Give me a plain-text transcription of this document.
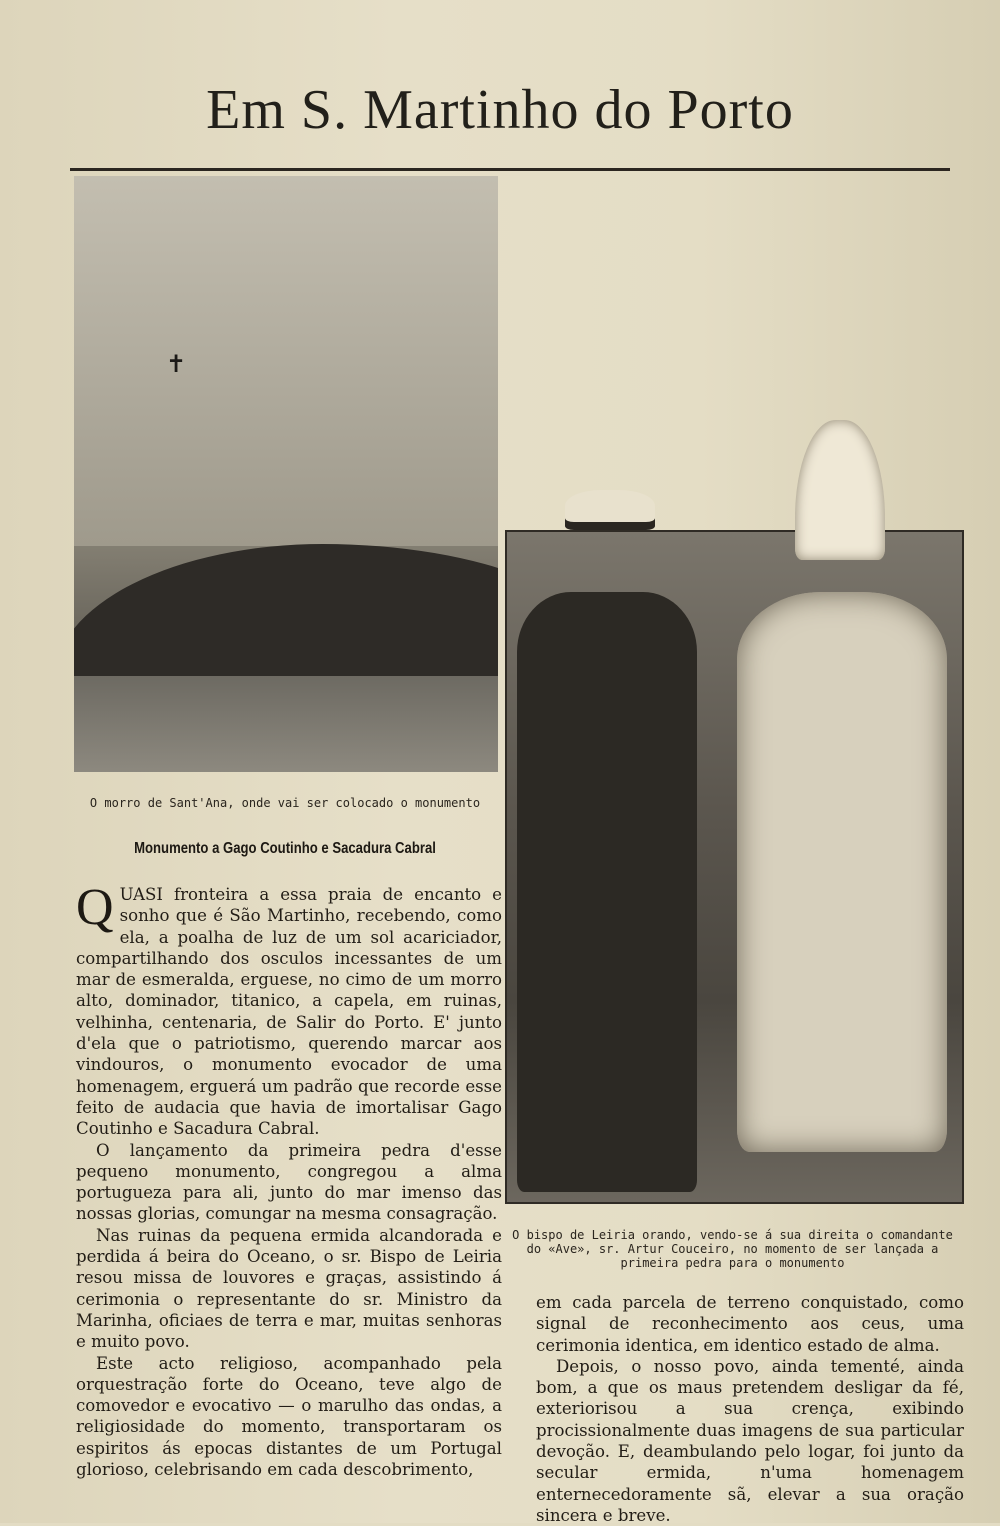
Em S. Martinho do Porto
✝
O morro de Sant'Ana, onde vai ser colocado o monumento
Monumento a Gago Coutinho e Sacadura Cabral

QUASI fronteira a essa praia de encanto e sonho que é São Martinho, recebendo, como ela, a poalha de luz de um sol acariciador, compartilhando dos osculos incessantes de um mar de esmeralda, erguese, no cimo de um morro alto, dominador, titanico, a capela, em ruinas, velhinha, centenaria, de Salir do Porto. E' junto d'ela que o patriotismo, querendo marcar aos vindouros, o monumento evocador de uma homenagem, erguerá um padrão que recorde esse feito de audacia que havia de imortalisar Gago Coutinho e Sacadura Cabral.

O lançamento da primeira pedra d'esse pequeno monumento, congregou a alma portugueza para ali, junto do mar imenso das nossas glorias, comungar na mesma consagração.

Nas ruinas da pequena ermida alcandorada e perdida á beira do Oceano, o sr. Bispo de Leiria resou missa de louvores e graças, assistindo á cerimonia o representante do sr. Ministro da Marinha, oficiaes de terra e mar, muitas senhoras e muito povo.

Este acto religioso, acompanhado pela orquestração forte do Oceano, teve algo de comovedor e evocativo — o marulho das ondas, a religiosidade do momento, transportaram os espiritos ás epocas distantes de um Portugal glorioso, celebrisando em cada descobrimento,

O bispo de Leiria orando, vendo-se á sua direita o comandante do «Ave», sr. Artur Couceiro, no momento de ser lançada a primeira pedra para o monumento

em cada parcela de terreno conquistado, como signal de reconhecimento aos ceus, uma cerimonia identica, em identico estado de alma.

Depois, o nosso povo, ainda tementé, ainda bom, a que os maus pretendem desligar da fé, exteriorisou a sua crença, exibindo procissionalmente duas imagens de sua particular devoção. E, deambulando pelo logar, foi junto da secular ermida, n'uma homenagem enternecedoramente sã, elevar a sua oração sincera e breve.
